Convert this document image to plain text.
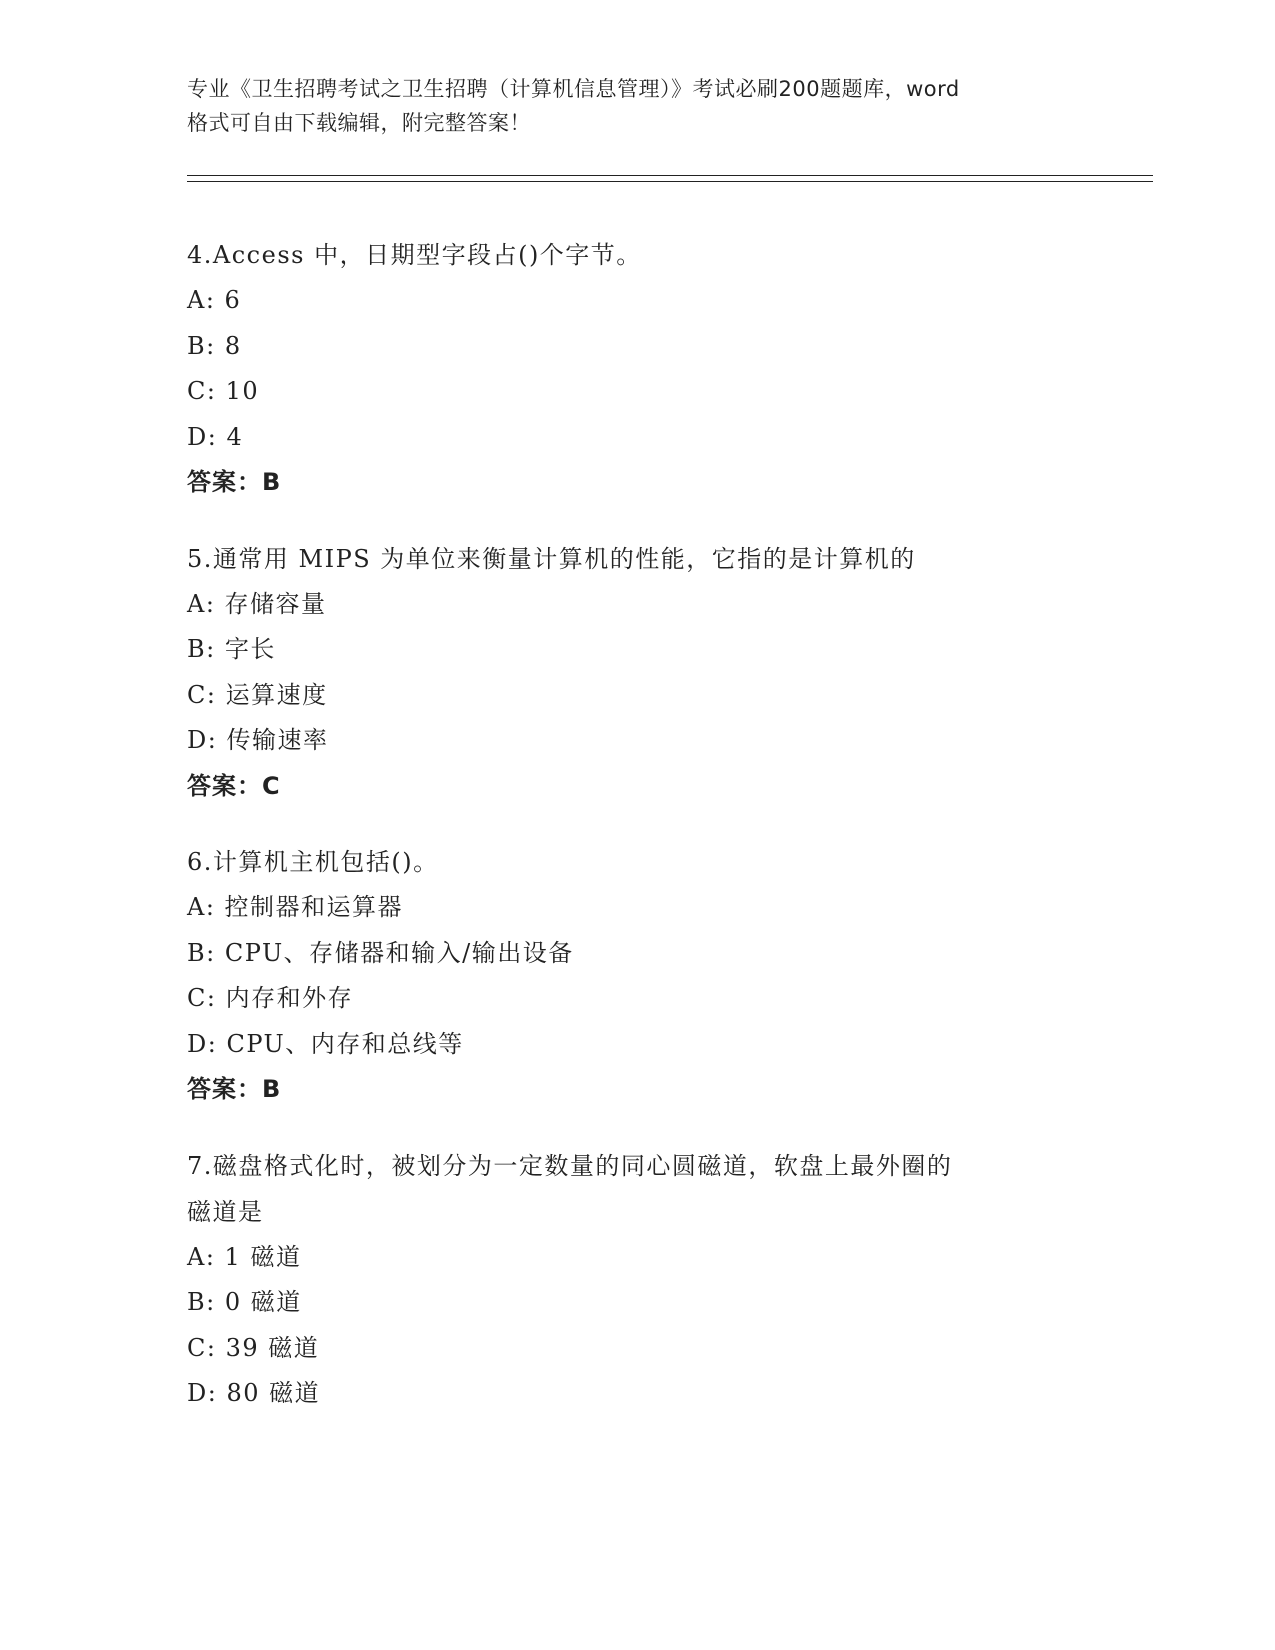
专业《卫生招聘考试之卫生招聘（计算机信息管理）》考试必刷200题题库，word
格式可自由下载编辑，附完整答案！
4.Access 中，日期型字段占()个字节。
A: 6
B: 8
C: 10
D: 4
答案：B
5.通常用 MIPS 为单位来衡量计算机的性能，它指的是计算机的
A: 存储容量
B: 字长
C: 运算速度
D: 传输速率
答案：C
6.计算机主机包括()。
A: 控制器和运算器
B: CPU、存储器和输入/输出设备
C: 内存和外存
D: CPU、内存和总线等
答案：B
7.磁盘格式化时，被划分为一定数量的同心圆磁道，软盘上最外圈的
磁道是
A: 1 磁道
B: 0 磁道
C: 39 磁道
D: 80 磁道
